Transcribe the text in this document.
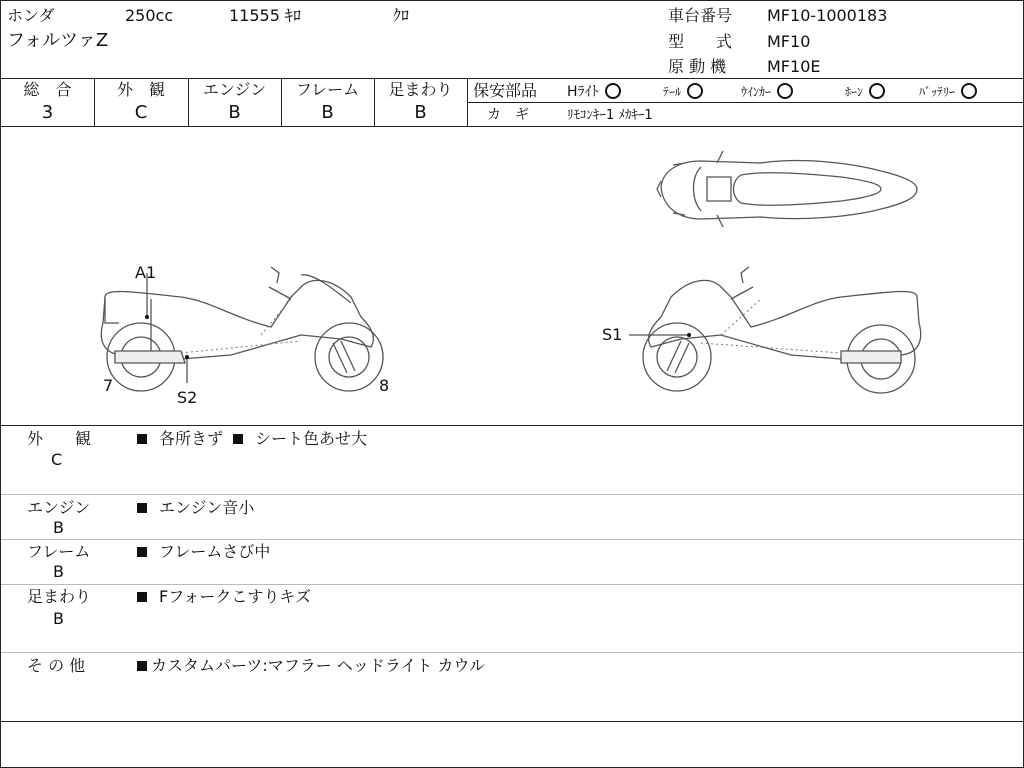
ホンダ	250cc	11555 ｷﾛ	ｸﾛ
フォルツァZ
車台番号 MF10-1000183
型　　式 MF10
原 動 機	MF10E
総　合
3
外　観
C
エンジン
B
フレーム
B
足まわり
B
保安部品 Hﾗｲﾄ	ﾃｰﾙ	ｳｲﾝｶｰ	ﾎｰﾝ	ﾊﾞｯﾃﾘｰ
カ　ギ	ﾘﾓｺﾝｷｰ1 ﾒｶｷｰ1
A1
7
S2
8
S1
外　　観
C
各所きず シート色あせ大
エンジン
B
エンジン音小
フレーム
B
フレームさび中
足まわり
B
Fフォークこすりキズ
そ の 他	カスタムパーツ:マフラー ヘッドライト カウル
